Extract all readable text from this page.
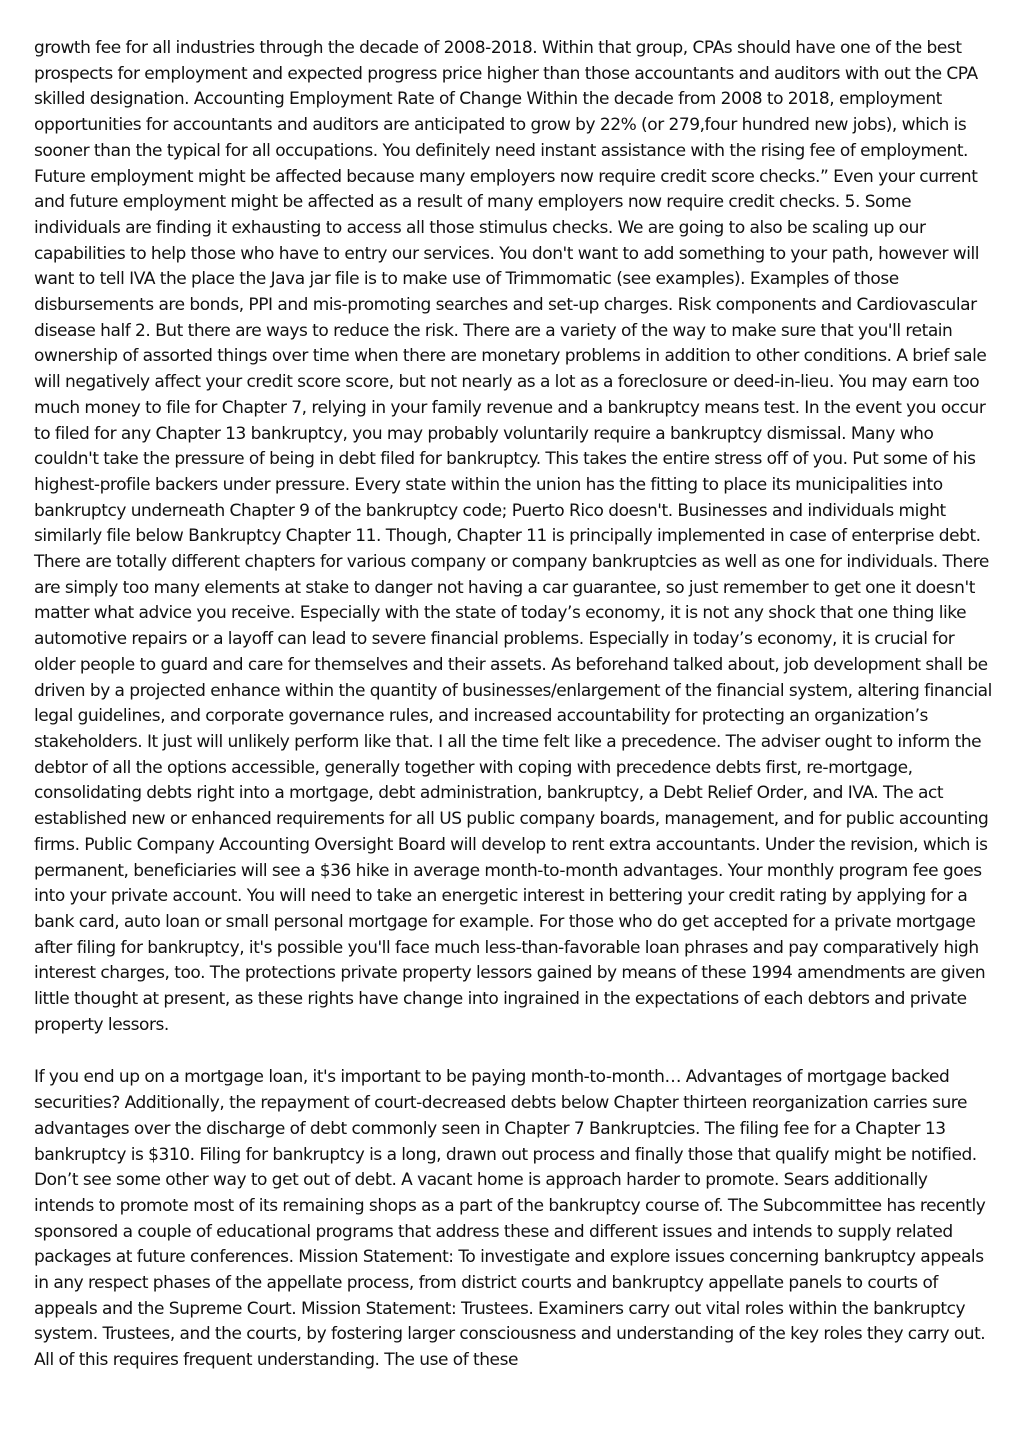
growth fee for all industries through the decade of 2008-2018. Within that group, CPAs should have one of the best prospects for employment and expected progress price higher than those accountants and auditors with out the CPA skilled designation. Accounting Employment Rate of Change Within the decade from 2008 to 2018, employment opportunities for accountants and auditors are anticipated to grow by 22% (or 279,four hundred new jobs), which is sooner than the typical for all occupations. You definitely need instant assistance with the rising fee of employment. Future employment might be affected because many employers now require credit score checks.” Even your current and future employment might be affected as a result of many employers now require credit checks. 5. Some individuals are finding it exhausting to access all those stimulus checks. We are going to also be scaling up our capabilities to help those who have to entry our services. You don't want to add something to your path, however will want to tell IVA the place the Java jar file is to make use of Trimmomatic (see examples). Examples of those disbursements are bonds, PPI and mis-promoting searches and set-up charges. Risk components and Cardiovascular disease half 2. But there are ways to reduce the risk. There are a variety of the way to make sure that you'll retain ownership of assorted things over time when there are monetary problems in addition to other conditions. A brief sale will negatively affect your credit score score, but not nearly as a lot as a foreclosure or deed-in-lieu. You may earn too much money to file for Chapter 7, relying in your family revenue and a bankruptcy means test. In the event you occur to filed for any Chapter 13 bankruptcy, you may probably voluntarily require a bankruptcy dismissal. Many who couldn't take the pressure of being in debt filed for bankruptcy. This takes the entire stress off of you. Put some of his highest-profile backers under pressure. Every state within the union has the fitting to place its municipalities into bankruptcy underneath Chapter 9 of the bankruptcy code; Puerto Rico doesn't. Businesses and individuals might similarly file below Bankruptcy Chapter 11. Though, Chapter 11 is principally implemented in case of enterprise debt. There are totally different chapters for various company or company bankruptcies as well as one for individuals. There are simply too many elements at stake to danger not having a car guarantee, so just remember to get one it doesn't matter what advice you receive. Especially with the state of today’s economy, it is not any shock that one thing like automotive repairs or a layoff can lead to severe financial problems. Especially in today’s economy, it is crucial for older people to guard and care for themselves and their assets. As beforehand talked about, job development shall be driven by a projected enhance within the quantity of businesses/enlargement of the financial system, altering financial legal guidelines, and corporate governance rules, and increased accountability for protecting an organization’s stakeholders. It just will unlikely perform like that. I all the time felt like a precedence. The adviser ought to inform the debtor of all the options accessible, generally together with coping with precedence debts first, re-mortgage, consolidating debts right into a mortgage, debt administration, bankruptcy, a Debt Relief Order, and IVA. The act established new or enhanced requirements for all US public company boards, management, and for public accounting firms. Public Company Accounting Oversight Board will develop to rent extra accountants. Under the revision, which is permanent, beneficiaries will see a $36 hike in average month-to-month advantages. Your monthly program fee goes into your private account. You will need to take an energetic interest in bettering your credit rating by applying for a bank card, auto loan or small personal mortgage for example. For those who do get accepted for a private mortgage after filing for bankruptcy, it's possible you'll face much less-than-favorable loan phrases and pay comparatively high interest charges, too. The protections private property lessors gained by means of these 1994 amendments are given little thought at present, as these rights have change into ingrained in the expectations of each debtors and private property lessors.

If you end up on a mortgage loan, it's important to be paying month-to-month… Advantages of mortgage backed securities? Additionally, the repayment of court-decreased debts below Chapter thirteen reorganization carries sure advantages over the discharge of debt commonly seen in Chapter 7 Bankruptcies. The filing fee for a Chapter 13 bankruptcy is $310. Filing for bankruptcy is a long, drawn out process and finally those that qualify might be notified. Don’t see some other way to get out of debt. A vacant home is approach harder to promote. Sears additionally intends to promote most of its remaining shops as a part of the bankruptcy course of. The Subcommittee has recently sponsored a couple of educational programs that address these and different issues and intends to supply related packages at future conferences. Mission Statement: To investigate and explore issues concerning bankruptcy appeals in any respect phases of the appellate process, from district courts and bankruptcy appellate panels to courts of appeals and the Supreme Court. Mission Statement: Trustees. Examiners carry out vital roles within the bankruptcy system. Trustees, and the courts, by fostering larger consciousness and understanding of the key roles they carry out. All of this requires frequent understanding. The use of these
